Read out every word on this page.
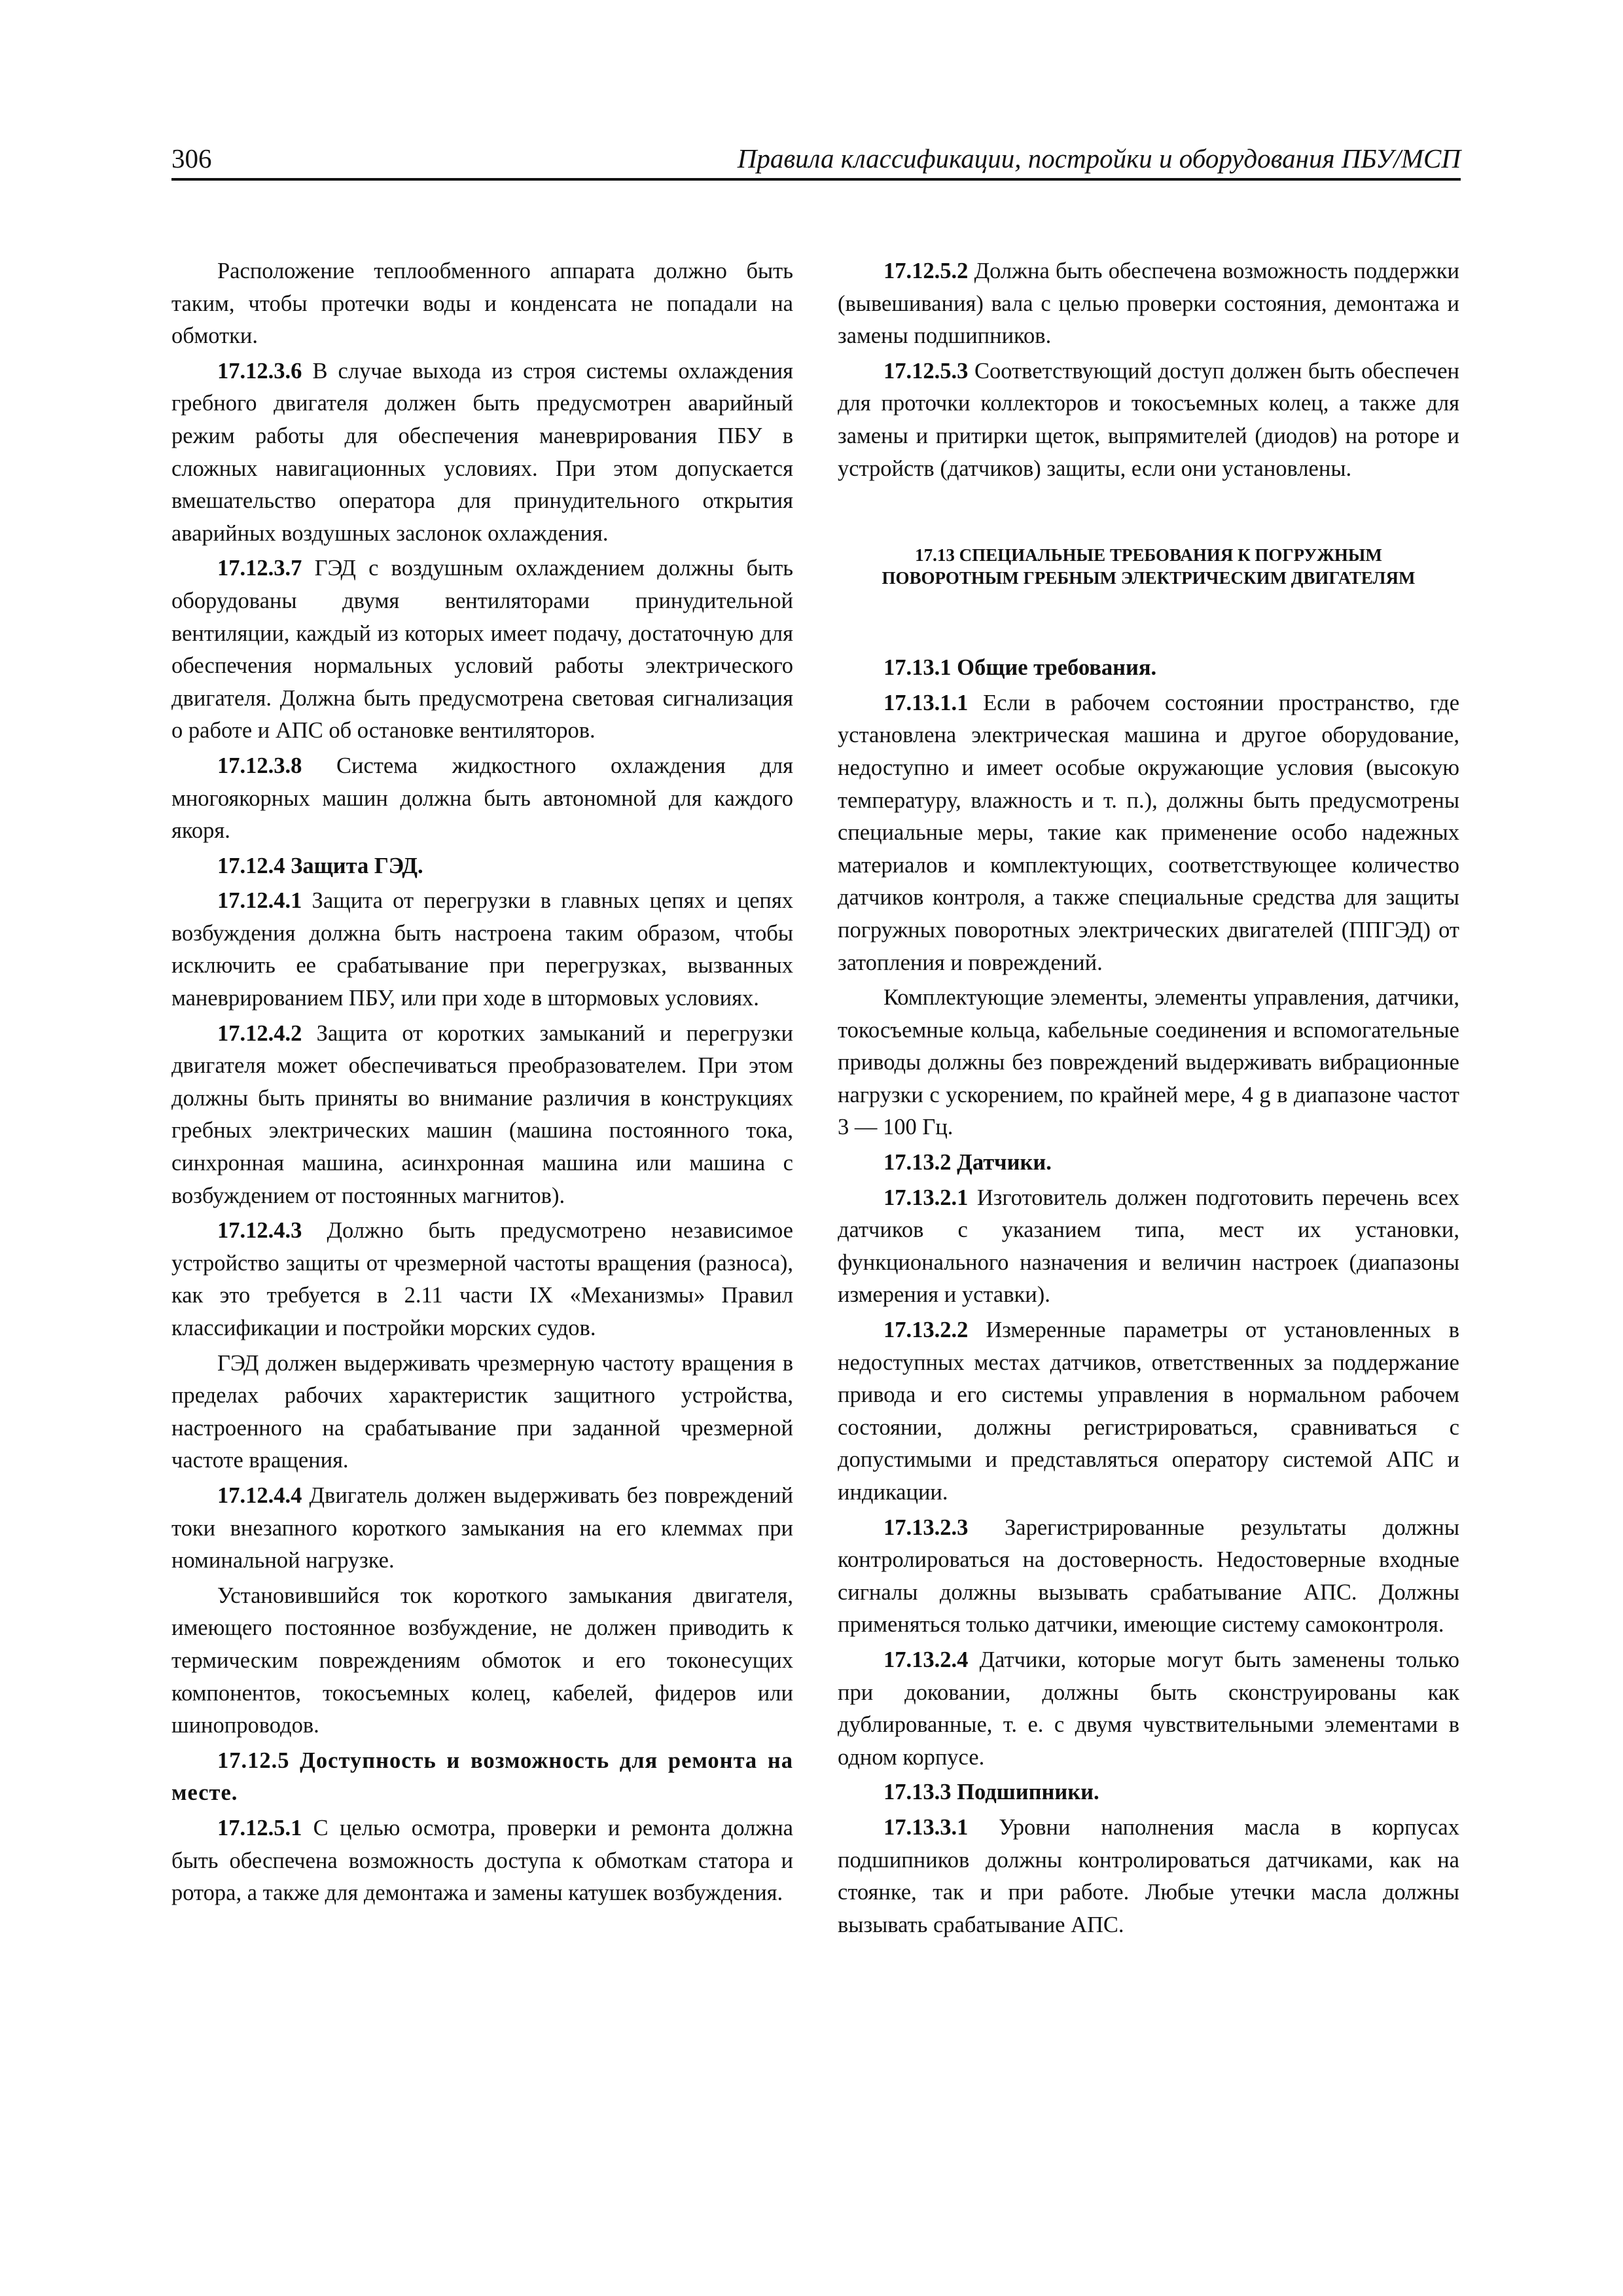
306	Правила классификации, постройки и оборудования ПБУ/МСП

Расположение теплообменного аппарата должно быть таким, чтобы протечки воды и конденсата не попадали на обмотки.

17.12.3.6 В случае выхода из строя системы охлаждения гребного двигателя должен быть предусмотрен аварийный режим работы для обеспечения маневрирования ПБУ в сложных навигационных условиях. При этом допускается вмешательство оператора для принудительного открытия аварийных воздушных заслонок охлаждения.

17.12.3.7 ГЭД с воздушным охлаждением должны быть оборудованы двумя вентиляторами принудительной вентиляции, каждый из которых имеет подачу, достаточную для обеспечения нормальных условий работы электрического двигателя. Должна быть предусмотрена световая сигнализация о работе и АПС об остановке вентиляторов.

17.12.3.8 Система жидкостного охлаждения для многоякорных машин должна быть автономной для каждого якоря.

17.12.4 Защита ГЭД.

17.12.4.1 Защита от перегрузки в главных цепях и цепях возбуждения должна быть настроена таким образом, чтобы исключить ее срабатывание при перегрузках, вызванных маневрированием ПБУ, или при ходе в штормовых условиях.

17.12.4.2 Защита от коротких замыканий и перегрузки двигателя может обеспечиваться преобразователем. При этом должны быть приняты во внимание различия в конструкциях гребных электрических машин (машина постоянного тока, синхронная машина, асинхронная машина или машина с возбуждением от постоянных магнитов).

17.12.4.3 Должно быть предусмотрено независимое устройство защиты от чрезмерной частоты вращения (разноса), как это требуется в 2.11 части IX «Механизмы» Правил классификации и постройки морских судов.

ГЭД должен выдерживать чрезмерную частоту вращения в пределах рабочих характеристик защитного устройства, настроенного на срабатывание при заданной чрезмерной частоте вращения.

17.12.4.4 Двигатель должен выдерживать без повреждений токи внезапного короткого замыкания на его клеммах при номинальной нагрузке.

Установившийся ток короткого замыкания двигателя, имеющего постоянное возбуждение, не должен приводить к термическим повреждениям обмоток и его токонесущих компонентов, токосъемных колец, кабелей, фидеров или шинопроводов.

17.12.5 Доступность и возможность для ремонта на месте.

17.12.5.1 С целью осмотра, проверки и ремонта должна быть обеспечена возможность доступа к обмоткам статора и ротора, а также для демонтажа и замены катушек возбуждения.

17.12.5.2 Должна быть обеспечена возможность поддержки (вывешивания) вала с целью проверки состояния, демонтажа и замены подшипников.

17.12.5.3 Соответствующий доступ должен быть обеспечен для проточки коллекторов и токосъемных колец, а также для замены и притирки щеток, выпрямителей (диодов) на роторе и устройств (датчиков) защиты, если они установлены.

17.13 СПЕЦИАЛЬНЫЕ ТРЕБОВАНИЯ К ПОГРУЖНЫМ ПОВОРОТНЫМ ГРЕБНЫМ ЭЛЕКТРИЧЕСКИМ ДВИГАТЕЛЯМ

17.13.1 Общие требования.

17.13.1.1 Если в рабочем состоянии пространство, где установлена электрическая машина и другое оборудование, недоступно и имеет особые окружающие условия (высокую температуру, влажность и т. п.), должны быть предусмотрены специальные меры, такие как применение особо надежных материалов и комплектующих, соответствующее количество датчиков контроля, а также специальные средства для защиты погружных поворотных электрических двигателей (ППГЭД) от затопления и повреждений.

Комплектующие элементы, элементы управления, датчики, токосъемные кольца, кабельные соединения и вспомогательные приводы должны без повреждений выдерживать вибрационные нагрузки с ускорением, по крайней мере, 4 g в диапазоне частот 3 — 100 Гц.

17.13.2 Датчики.

17.13.2.1 Изготовитель должен подготовить перечень всех датчиков с указанием типа, мест их установки, функционального назначения и величин настроек (диапазоны измерения и уставки).

17.13.2.2 Измеренные параметры от установленных в недоступных местах датчиков, ответственных за поддержание привода и его системы управления в нормальном рабочем состоянии, должны регистрироваться, сравниваться с допустимыми и представляться оператору системой АПС и индикации.

17.13.2.3 Зарегистрированные результаты должны контролироваться на достоверность. Недостоверные входные сигналы должны вызывать срабатывание АПС. Должны применяться только датчики, имеющие систему самоконтроля.

17.13.2.4 Датчики, которые могут быть заменены только при доковании, должны быть сконструированы как дублированные, т. е. с двумя чувствительными элементами в одном корпусе.

17.13.3 Подшипники.

17.13.3.1 Уровни наполнения масла в корпусах подшипников должны контролироваться датчиками, как на стоянке, так и при работе. Любые утечки масла должны вызывать срабатывание АПС.
